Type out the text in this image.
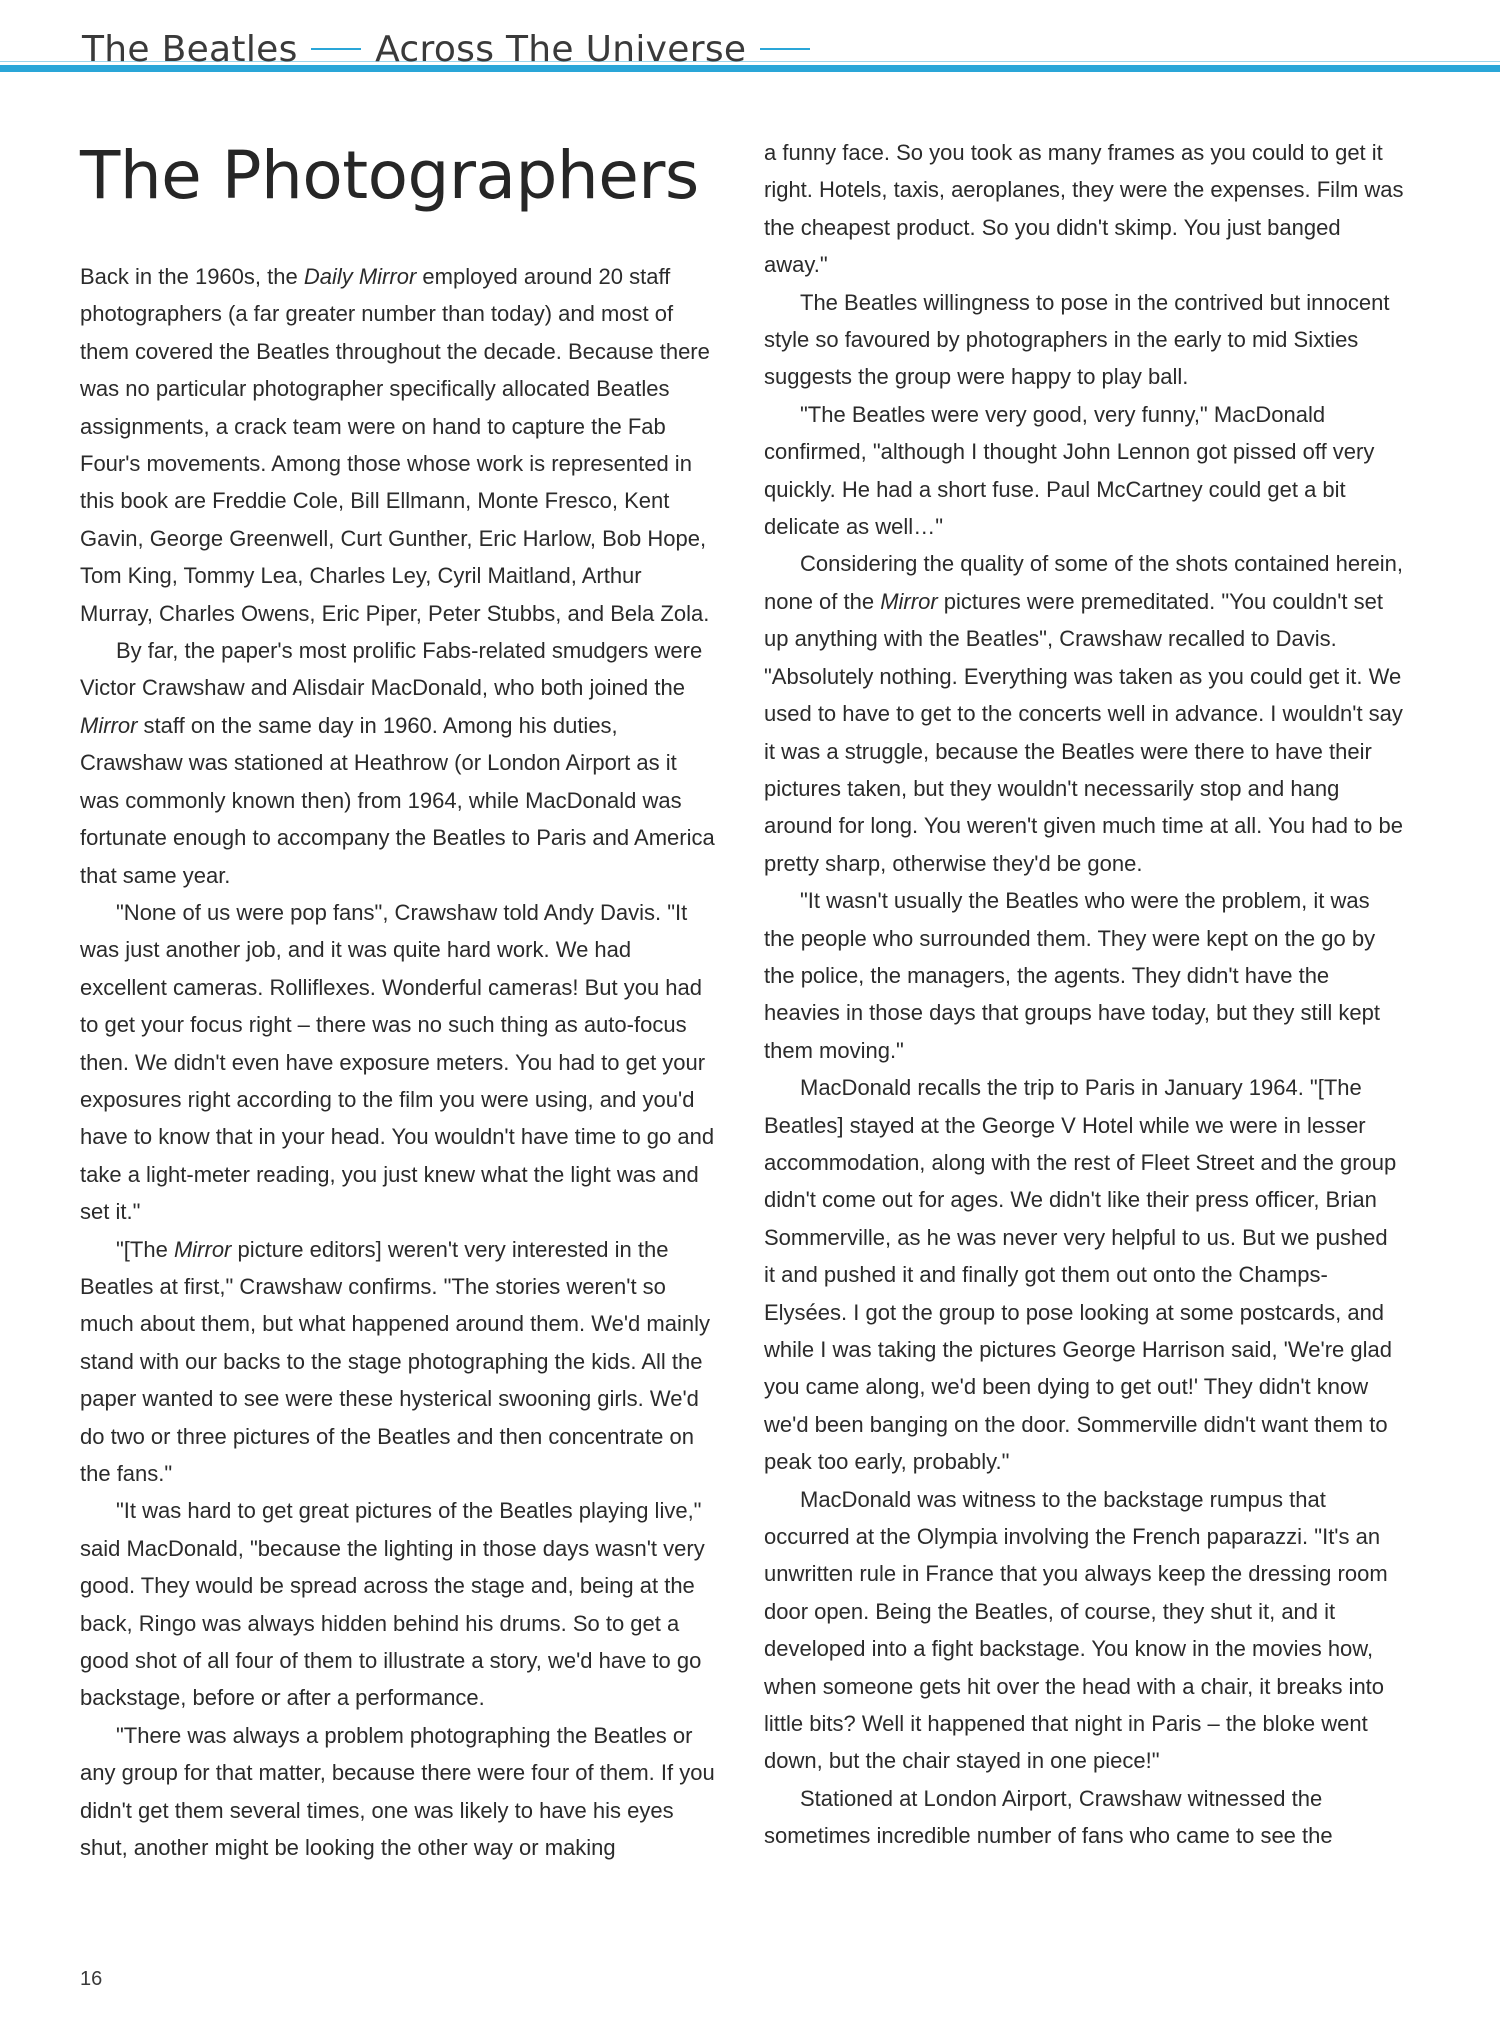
The Beatles Across The Universe
The Photographers

Back in the 1960s, the Daily Mirror employed around 20 staff photographers (a far greater number than today) and most of them covered the Beatles throughout the decade. Because there was no particular photographer specifically allocated Beatles assignments, a crack team were on hand to capture the Fab Four's movements. Among those whose work is represented in this book are Freddie Cole, Bill Ellmann, Monte Fresco, Kent Gavin, George Greenwell, Curt Gunther, Eric Harlow, Bob Hope, Tom King, Tommy Lea, Charles Ley, Cyril Maitland, Arthur Murray, Charles Owens, Eric Piper, Peter Stubbs, and Bela Zola.

By far, the paper's most prolific Fabs-related smudgers were Victor Crawshaw and Alisdair MacDonald, who both joined the Mirror staff on the same day in 1960. Among his duties, Crawshaw was stationed at Heathrow (or London Airport as it was commonly known then) from 1964, while MacDonald was fortunate enough to accompany the Beatles to Paris and America that same year.

"None of us were pop fans", Crawshaw told Andy Davis. "It was just another job, and it was quite hard work. We had excellent cameras. Rolliflexes. Wonderful cameras! But you had to get your focus right – there was no such thing as auto-focus then. We didn't even have exposure meters. You had to get your exposures right according to the film you were using, and you'd have to know that in your head. You wouldn't have time to go and take a light-meter reading, you just knew what the light was and set it."

"[The Mirror picture editors] weren't very interested in the Beatles at first," Crawshaw confirms. "The stories weren't so much about them, but what happened around them. We'd mainly stand with our backs to the stage photographing the kids. All the paper wanted to see were these hysterical swooning girls. We'd do two or three pictures of the Beatles and then concentrate on the fans."

"It was hard to get great pictures of the Beatles playing live," said MacDonald, "because the lighting in those days wasn't very good. They would be spread across the stage and, being at the back, Ringo was always hidden behind his drums. So to get a good shot of all four of them to illustrate a story, we'd have to go backstage, before or after a performance.

"There was always a problem photographing the Beatles or any group for that matter, because there were four of them. If you didn't get them several times, one was likely to have his eyes shut, another might be looking the other way or making

a funny face. So you took as many frames as you could to get it right. Hotels, taxis, aeroplanes, they were the expenses. Film was the cheapest product. So you didn't skimp. You just banged away."

The Beatles willingness to pose in the contrived but innocent style so favoured by photographers in the early to mid Sixties suggests the group were happy to play ball.

"The Beatles were very good, very funny," MacDonald confirmed, "although I thought John Lennon got pissed off very quickly. He had a short fuse. Paul McCartney could get a bit delicate as well…"

Considering the quality of some of the shots contained herein, none of the Mirror pictures were premeditated. "You couldn't set up anything with the Beatles", Crawshaw recalled to Davis. "Absolutely nothing. Everything was taken as you could get it. We used to have to get to the concerts well in advance. I wouldn't say it was a struggle, because the Beatles were there to have their pictures taken, but they wouldn't necessarily stop and hang around for long. You weren't given much time at all. You had to be pretty sharp, otherwise they'd be gone.

"It wasn't usually the Beatles who were the problem, it was the people who surrounded them. They were kept on the go by the police, the managers, the agents. They didn't have the heavies in those days that groups have today, but they still kept them moving."

MacDonald recalls the trip to Paris in January 1964. "[The Beatles] stayed at the George V Hotel while we were in lesser accommodation, along with the rest of Fleet Street and the group didn't come out for ages. We didn't like their press officer, Brian Sommerville, as he was never very helpful to us. But we pushed it and pushed it and finally got them out onto the Champs-Elysées. I got the group to pose looking at some postcards, and while I was taking the pictures George Harrison said, 'We're glad you came along, we'd been dying to get out!' They didn't know we'd been banging on the door. Sommerville didn't want them to peak too early, probably."

MacDonald was witness to the backstage rumpus that occurred at the Olympia involving the French paparazzi. "It's an unwritten rule in France that you always keep the dressing room door open. Being the Beatles, of course, they shut it, and it developed into a fight backstage. You know in the movies how, when someone gets hit over the head with a chair, it breaks into little bits? Well it happened that night in Paris – the bloke went down, but the chair stayed in one piece!"

Stationed at London Airport, Crawshaw witnessed the sometimes incredible number of fans who came to see the

16
